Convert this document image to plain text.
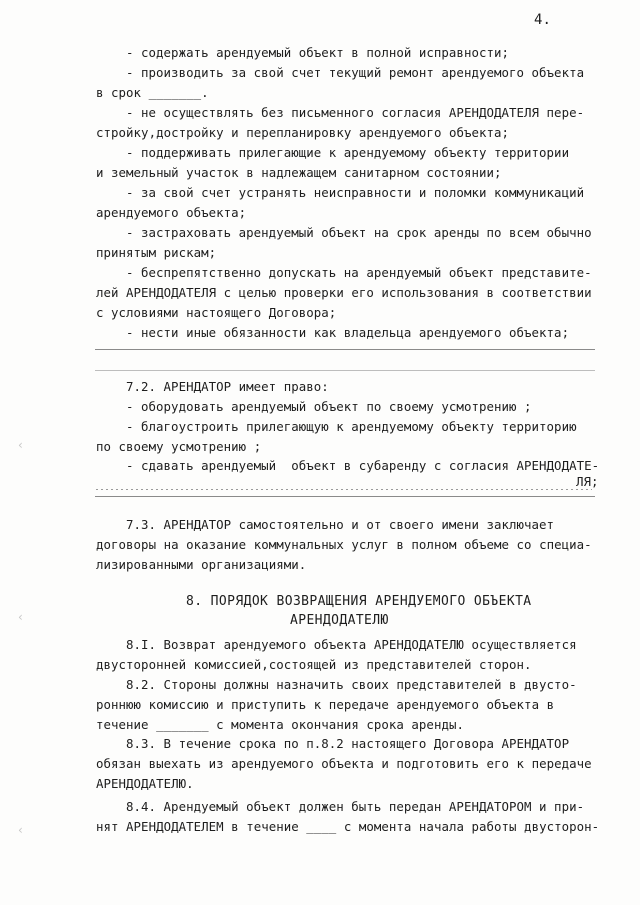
4.
- содержать арендуемый объект в полной исправности;
- производить за свой счет текущий ремонт арендуемого объекта
в срок _______.
- не осуществлять без письменного согласия АРЕНДОДАТЕЛЯ пере-
стройку,достройку и перепланировку арендуемого объекта;
- поддерживать прилегающие к арендуемому объекту территории
и земельный участок в надлежащем санитарном состоянии;
- за свой счет устранять неисправности и поломки коммуникаций
арендуемого объекта;
- застраховать арендуемый объект на срок аренды по всем обычно
принятым рискам;
- беспрепятственно допускать на арендуемый объект представите-
лей АРЕНДОДАТЕЛЯ с целью проверки его использования в соответствии
с условиями настоящего Договора;
- нести иные обязанности как владельца арендуемого объекта;
7.2. АРЕНДАТОР имеет право:
- оборудовать арендуемый объект по своему усмотрению ;
- благоустроить прилегающую к арендуемому объекту территорию
по своему усмотрению ;
- сдавать арендуемый  объект в субаренду с согласия АРЕНДОДАТЕ-
ЛЯ;
7.3. АРЕНДАТОР самостоятельно и от своего имени заключает
договоры на оказание коммунальных услуг в полном объеме со специа-
лизированными организациями.
8. ПОРЯДОК ВОЗВРАЩЕНИЯ АРЕНДУЕМОГО ОБЪЕКТА
АРЕНДОДАТЕЛЮ
8.I. Возврат арендуемого объекта АРЕНДОДАТЕЛЮ осуществляется
двусторонней комиссией,состоящей из представителей сторон.
8.2. Стороны должны назначить своих представителей в двусто-
роннюю комиссию и приступить к передаче арендуемого объекта в
течение _______ с момента окончания срока аренды.
8.3. В течение срока по п.8.2 настоящего Договора АРЕНДАТОР
обязан выехать из арендуемого объекта и подготовить его к передаче
АРЕНДОДАТЕЛЮ.
8.4. Арендуемый объект должен быть передан АРЕНДАТОРОМ и при-
нят АРЕНДОДАТЕЛЕМ в течение ____ с момента начала работы двусторон-
‹
‹
‹
